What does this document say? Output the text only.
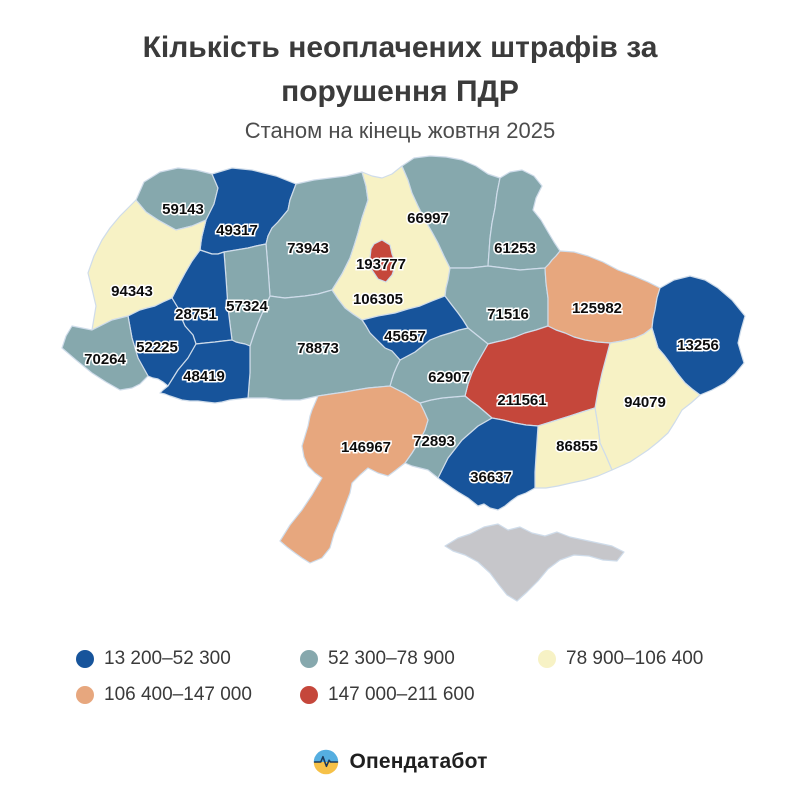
Кількість неоплачених штрафів за порушення ПДР
Станом на кінець жовтня 2025
59143
49317
73943
106305
66997
61253
71516	125982
13256
94079
211561
86855
36637
72893
62907
45657
78873
57324
28751
94343
52225
70264
48419
146967
193777
13 200–52 300	52 300–78 900	78 900–106 400
106 400–147 000	147 000–211 600
Опендатабот
